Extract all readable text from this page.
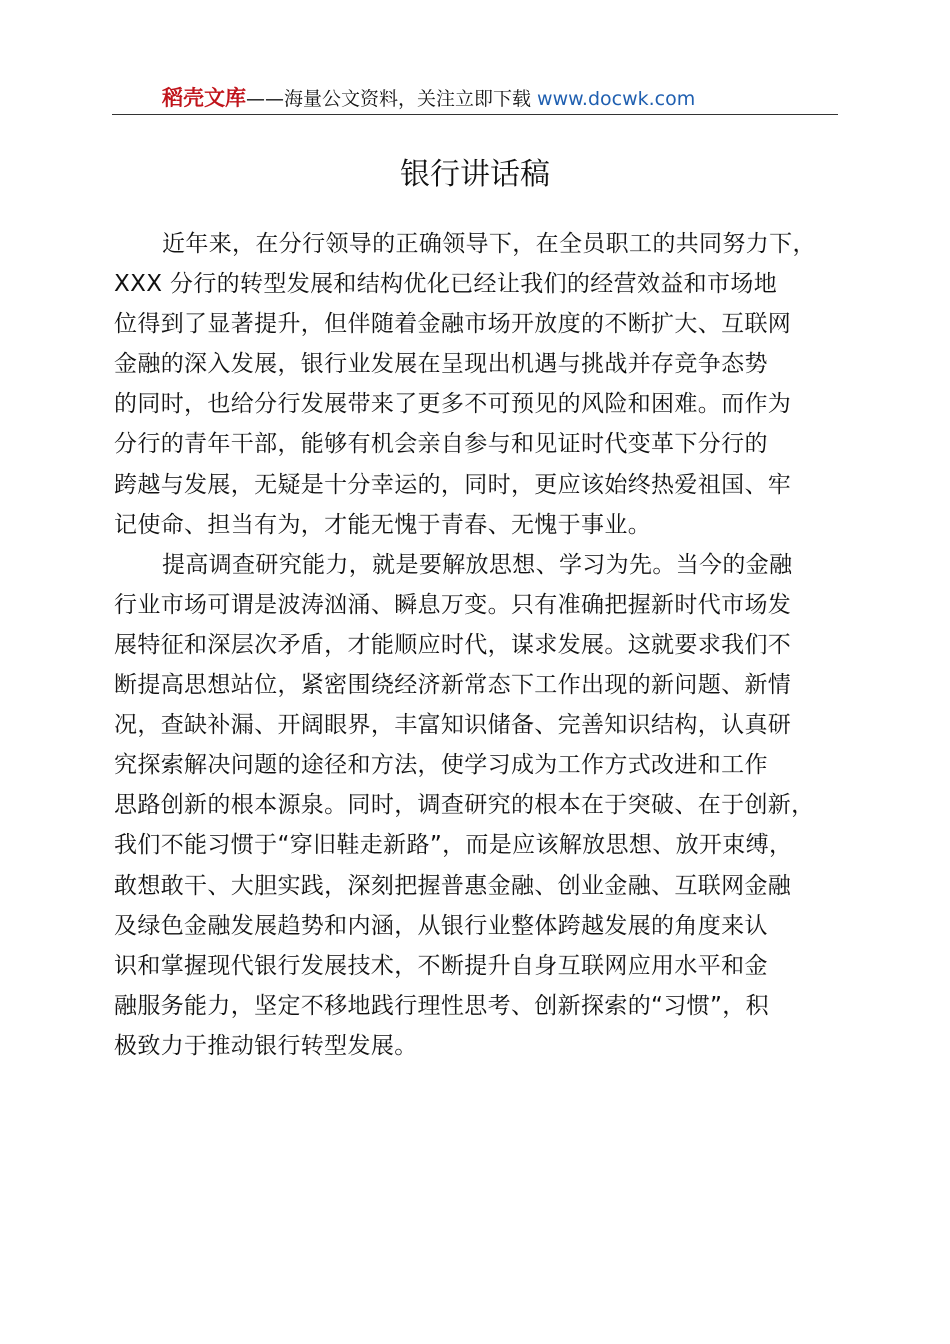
稻壳文库——海量公文资料，关注立即下载 www.docwk.com
银行讲话稿
近年来，在分行领导的正确领导下，在全员职工的共同努力下，
XXX 分行的转型发展和结构优化已经让我们的经营效益和市场地
位得到了显著提升，但伴随着金融市场开放度的不断扩大、互联网
金融的深入发展，银行业发展在呈现出机遇与挑战并存竞争态势
的同时，也给分行发展带来了更多不可预见的风险和困难。而作为
分行的青年干部，能够有机会亲自参与和见证时代变革下分行的
跨越与发展，无疑是十分幸运的，同时，更应该始终热爱祖国、牢
记使命、担当有为，才能无愧于青春、无愧于事业。
提高调查研究能力，就是要解放思想、学习为先。当今的金融
行业市场可谓是波涛汹涌、瞬息万变。只有准确把握新时代市场发
展特征和深层次矛盾，才能顺应时代，谋求发展。这就要求我们不
断提高思想站位，紧密围绕经济新常态下工作出现的新问题、新情
况，查缺补漏、开阔眼界，丰富知识储备、完善知识结构，认真研
究探索解决问题的途径和方法，使学习成为工作方式改进和工作
思路创新的根本源泉。同时，调查研究的根本在于突破、在于创新，
我们不能习惯于“穿旧鞋走新路”，而是应该解放思想、放开束缚，
敢想敢干、大胆实践，深刻把握普惠金融、创业金融、互联网金融
及绿色金融发展趋势和内涵，从银行业整体跨越发展的角度来认
识和掌握现代银行发展技术，不断提升自身互联网应用水平和金
融服务能力，坚定不移地践行理性思考、创新探索的“习惯”，积
极致力于推动银行转型发展。
